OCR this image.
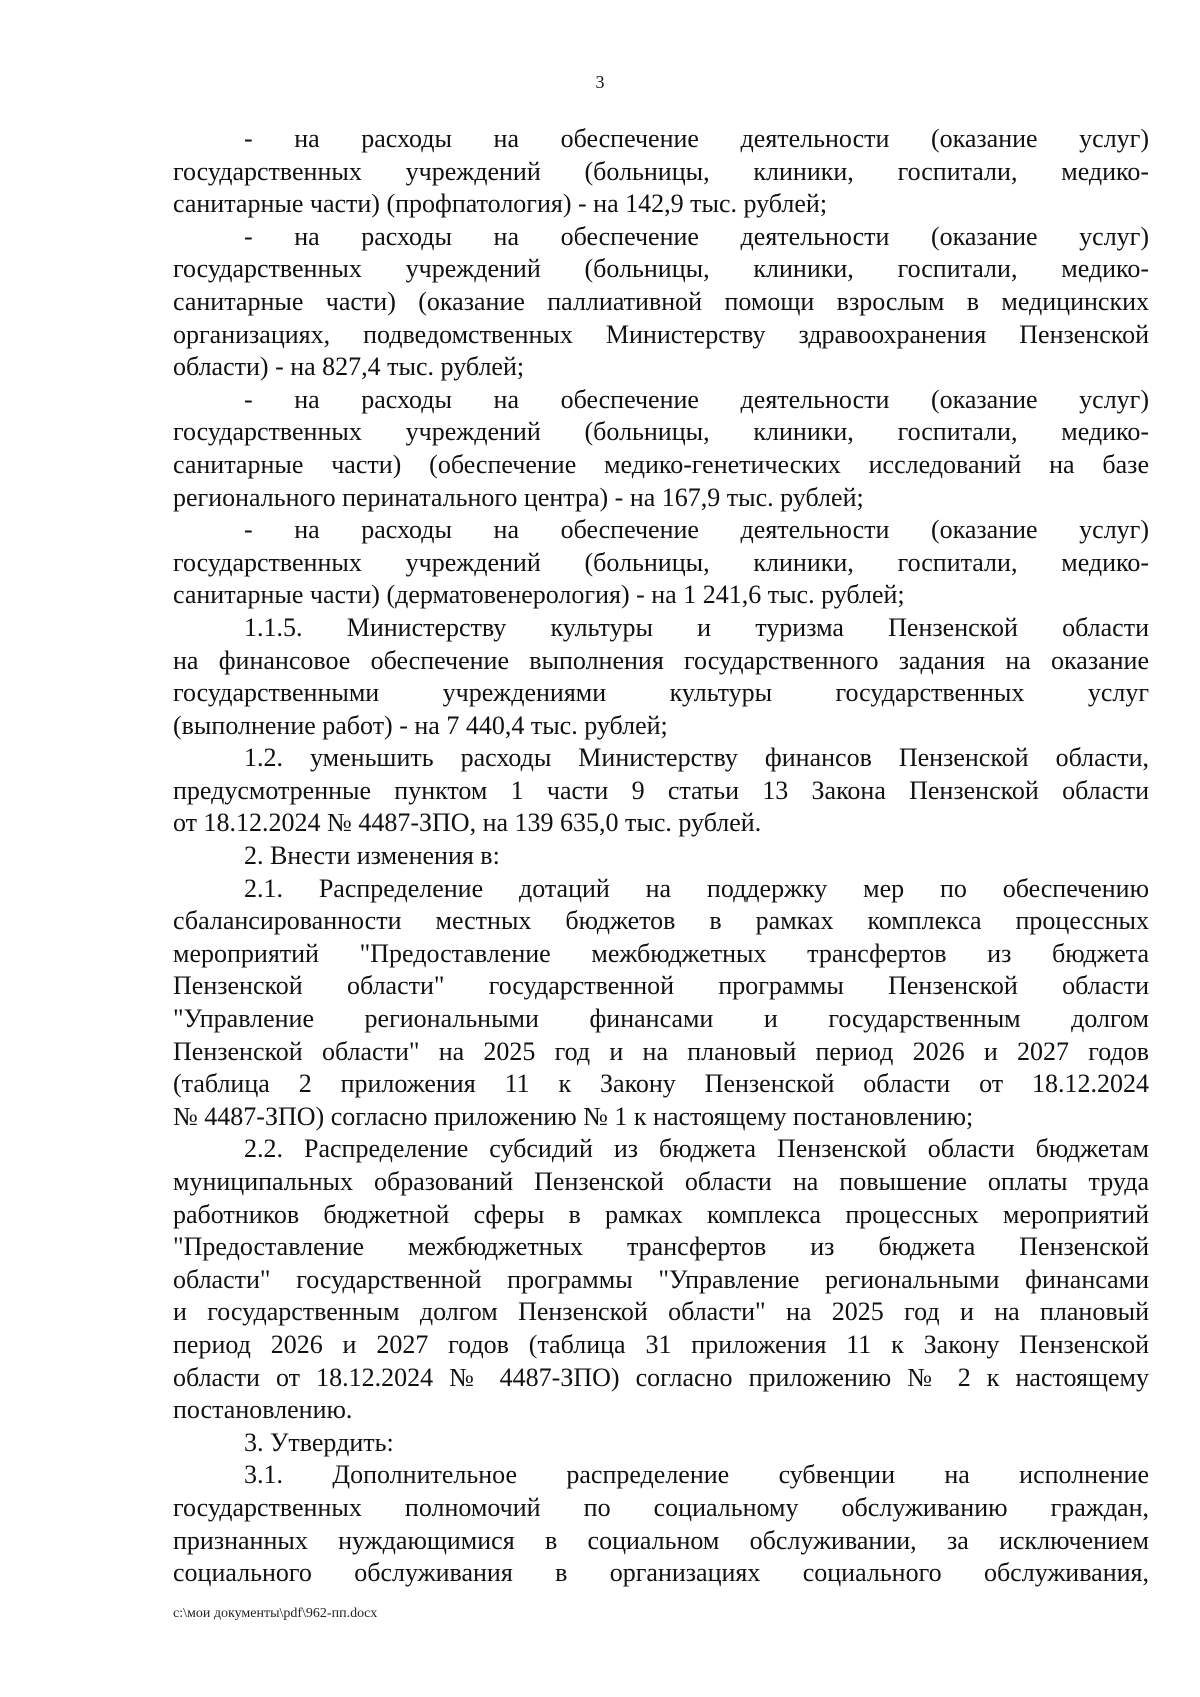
3
- на расходы на обеспечение деятельности (оказание услуг)
государственных учреждений (больницы, клиники, госпитали, медико-
санитарные части) (профпатология) - на 142,9 тыс. рублей;
- на расходы на обеспечение деятельности (оказание услуг)
государственных учреждений (больницы, клиники, госпитали, медико-
санитарные части) (оказание паллиативной помощи взрослым в медицинских
организациях, подведомственных Министерству здравоохранения Пензенской
области) - на 827,4 тыс. рублей;
- на расходы на обеспечение деятельности (оказание услуг)
государственных учреждений (больницы, клиники, госпитали, медико-
санитарные части) (обеспечение медико-генетических исследований на базе
регионального перинатального центра) - на 167,9 тыс. рублей;
- на расходы на обеспечение деятельности (оказание услуг)
государственных учреждений (больницы, клиники, госпитали, медико-
санитарные части) (дерматовенерология) - на 1 241,6 тыс. рублей;
1.1.5. Министерству культуры и туризма Пензенской области
на финансовое обеспечение выполнения государственного задания на оказание
государственными учреждениями культуры государственных услуг
(выполнение работ) - на 7 440,4 тыс. рублей;
1.2. уменьшить расходы Министерству финансов Пензенской области,
предусмотренные пунктом 1 части 9 статьи 13 Закона Пензенской области
от 18.12.2024 № 4487-ЗПО, на 139 635,0 тыс. рублей.
2. Внести изменения в:
2.1. Распределение дотаций на поддержку мер по обеспечению
сбалансированности местных бюджетов в рамках комплекса процессных
мероприятий "Предоставление межбюджетных трансфертов из бюджета
Пензенской области" государственной программы Пензенской области
"Управление региональными финансами и государственным долгом
Пензенской области" на 2025 год и на плановый период 2026 и 2027 годов
(таблица 2 приложения 11 к Закону Пензенской области от 18.12.2024
№ 4487-ЗПО) согласно приложению № 1 к настоящему постановлению;
2.2. Распределение субсидий из бюджета Пензенской области бюджетам
муниципальных образований Пензенской области на повышение оплаты труда
работников бюджетной сферы в рамках комплекса процессных мероприятий
"Предоставление межбюджетных трансфертов из бюджета Пензенской
области" государственной программы "Управление региональными финансами
и государственным долгом Пензенской области" на 2025 год и на плановый
период 2026 и 2027 годов (таблица 31 приложения 11 к Закону Пензенской
области от 18.12.2024 № 4487-ЗПО) согласно приложению № 2 к настоящему
постановлению.
3. Утвердить:
3.1. Дополнительное распределение субвенции на исполнение
государственных полномочий по социальному обслуживанию граждан,
признанных нуждающимися в социальном обслуживании, за исключением
социального обслуживания в организациях социального обслуживания,
c:\мои документы\pdf\962-пп.docx
